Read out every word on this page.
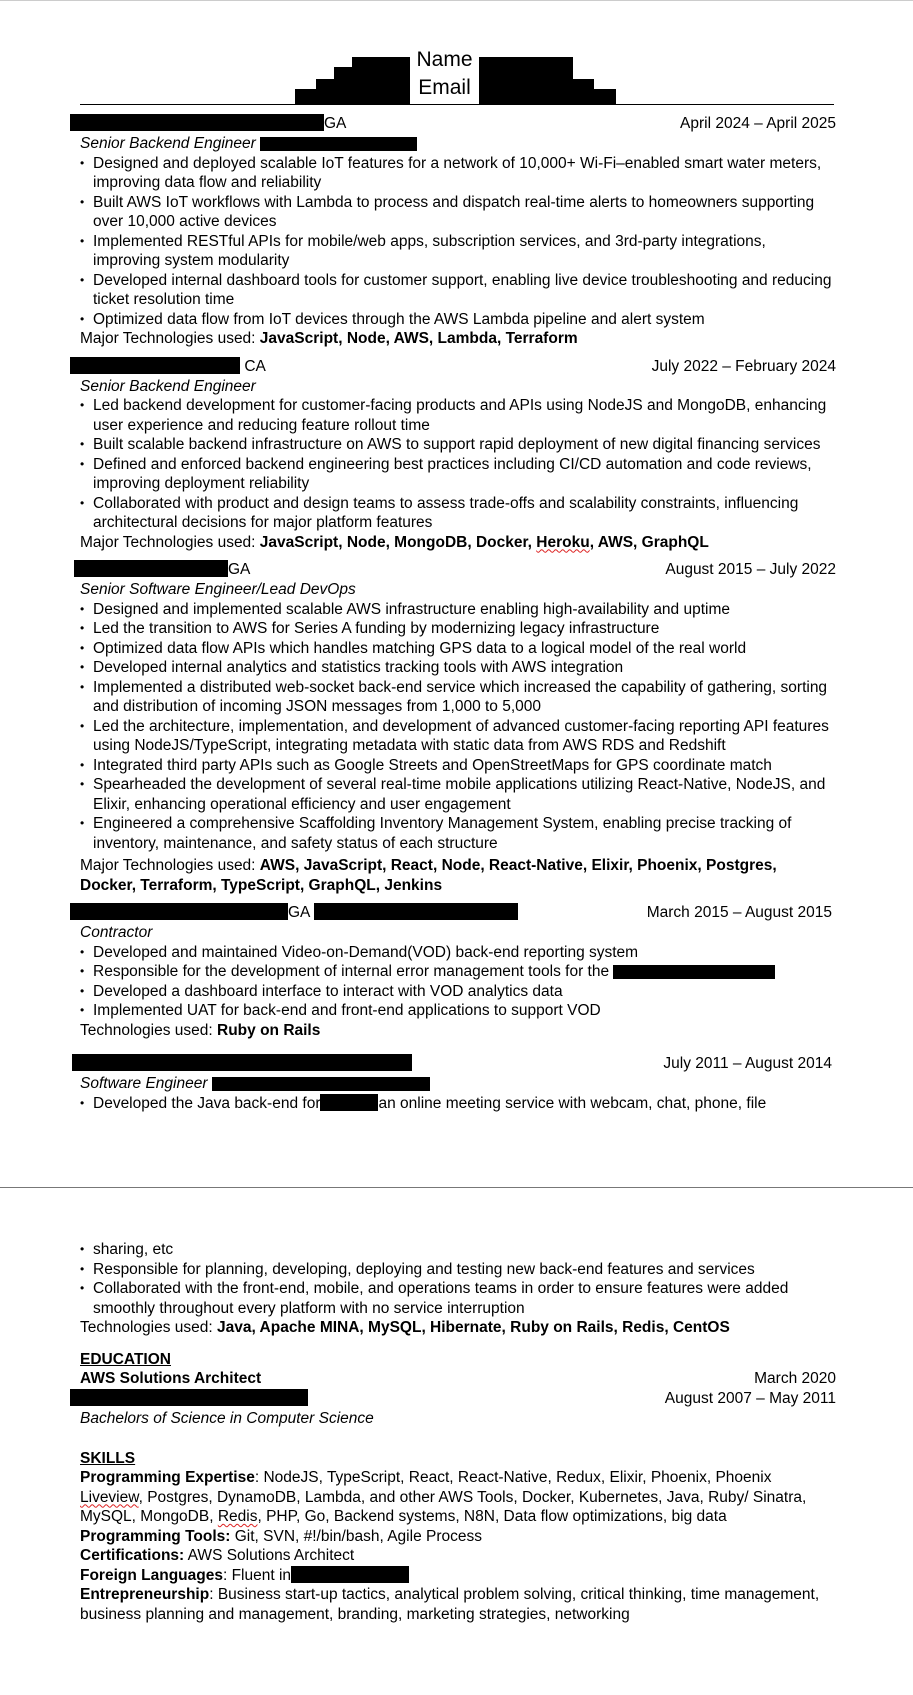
Name
Email
GA	April 2024 – April 2025
Senior Backend Engineer
• Designed and deployed scalable IoT features for a network of 10,000+ Wi-Fi–enabled smart water meters, improving data flow and reliability
• Built AWS IoT workflows with Lambda to process and dispatch real-time alerts to homeowners supporting over 10,000 active devices
• Implemented RESTful APIs for mobile/web apps, subscription services, and 3rd-party integrations, improving system modularity
• Developed internal dashboard tools for customer support, enabling live device troubleshooting and reducing ticket resolution time
• Optimized data flow from IoT devices through the AWS Lambda pipeline and alert system
Major Technologies used: JavaScript, Node, AWS, Lambda, Terraform
CA	July 2022 – February 2024
Senior Backend Engineer
• Led backend development for customer-facing products and APIs using NodeJS and MongoDB, enhancing user experience and reducing feature rollout time
• Built scalable backend infrastructure on AWS to support rapid deployment of new digital financing services
• Defined and enforced backend engineering best practices including CI/CD automation and code reviews, improving deployment reliability
• Collaborated with product and design teams to assess trade-offs and scalability constraints, influencing architectural decisions for major platform features
Major Technologies used: JavaScript, Node, MongoDB, Docker, Heroku, AWS, GraphQL
GA	August 2015 – July 2022
Senior Software Engineer/Lead DevOps
• Designed and implemented scalable AWS infrastructure enabling high-availability and uptime
• Led the transition to AWS for Series A funding by modernizing legacy infrastructure
• Optimized data flow APIs which handles matching GPS data to a logical model of the real world
• Developed internal analytics and statistics tracking tools with AWS integration
• Implemented a distributed web-socket back-end service which increased the capability of gathering, sorting and distribution of incoming JSON messages from 1,000 to 5,000
• Led the architecture, implementation, and development of advanced customer-facing reporting API features using NodeJS/TypeScript, integrating metadata with static data from AWS RDS and Redshift
• Integrated third party APIs such as Google Streets and OpenStreetMaps for GPS coordinate match
• Spearheaded the development of several real-time mobile applications utilizing React-Native, NodeJS, and Elixir, enhancing operational efficiency and user engagement
• Engineered a comprehensive Scaffolding Inventory Management System, enabling precise tracking of inventory, maintenance, and safety status of each structure
Major Technologies used: AWS, JavaScript, React, Node, React-Native, Elixir, Phoenix, Postgres, Docker, Terraform, TypeScript, GraphQL, Jenkins
GA	March 2015 – August 2015
Contractor
• Developed and maintained Video-on-Demand(VOD) back-end reporting system
• Responsible for the development of internal error management tools for the
• Developed a dashboard interface to interact with VOD analytics data
• Implemented UAT for back-end and front-end applications to support VOD
Technologies used: Ruby on Rails
July 2011 – August 2014
Software Engineer
• Developed the Java back-end for	an online meeting service with webcam, chat, phone, file
• sharing, etc
• Responsible for planning, developing, deploying and testing new back-end features and services
• Collaborated with the front-end, mobile, and operations teams in order to ensure features were added smoothly throughout every platform with no service interruption
Technologies used: Java, Apache MINA, MySQL, Hibernate, Ruby on Rails, Redis, CentOS
EDUCATION
AWS Solutions Architect	March 2020
August 2007 – May 2011
Bachelors of Science in Computer Science
SKILLS
Programming Expertise: NodeJS, TypeScript, React, React-Native, Redux, Elixir, Phoenix, Phoenix Liveview, Postgres, DynamoDB, Lambda, and other AWS Tools, Docker, Kubernetes, Java, Ruby/ Sinatra, MySQL, MongoDB, Redis, PHP, Go, Backend systems, N8N, Data flow optimizations, big data
Programming Tools: Git, SVN, #!/bin/bash, Agile Process
Certifications: AWS Solutions Architect
Foreign Languages: Fluent in
Entrepreneurship: Business start-up tactics, analytical problem solving, critical thinking, time management, business planning and management, branding, marketing strategies, networking
